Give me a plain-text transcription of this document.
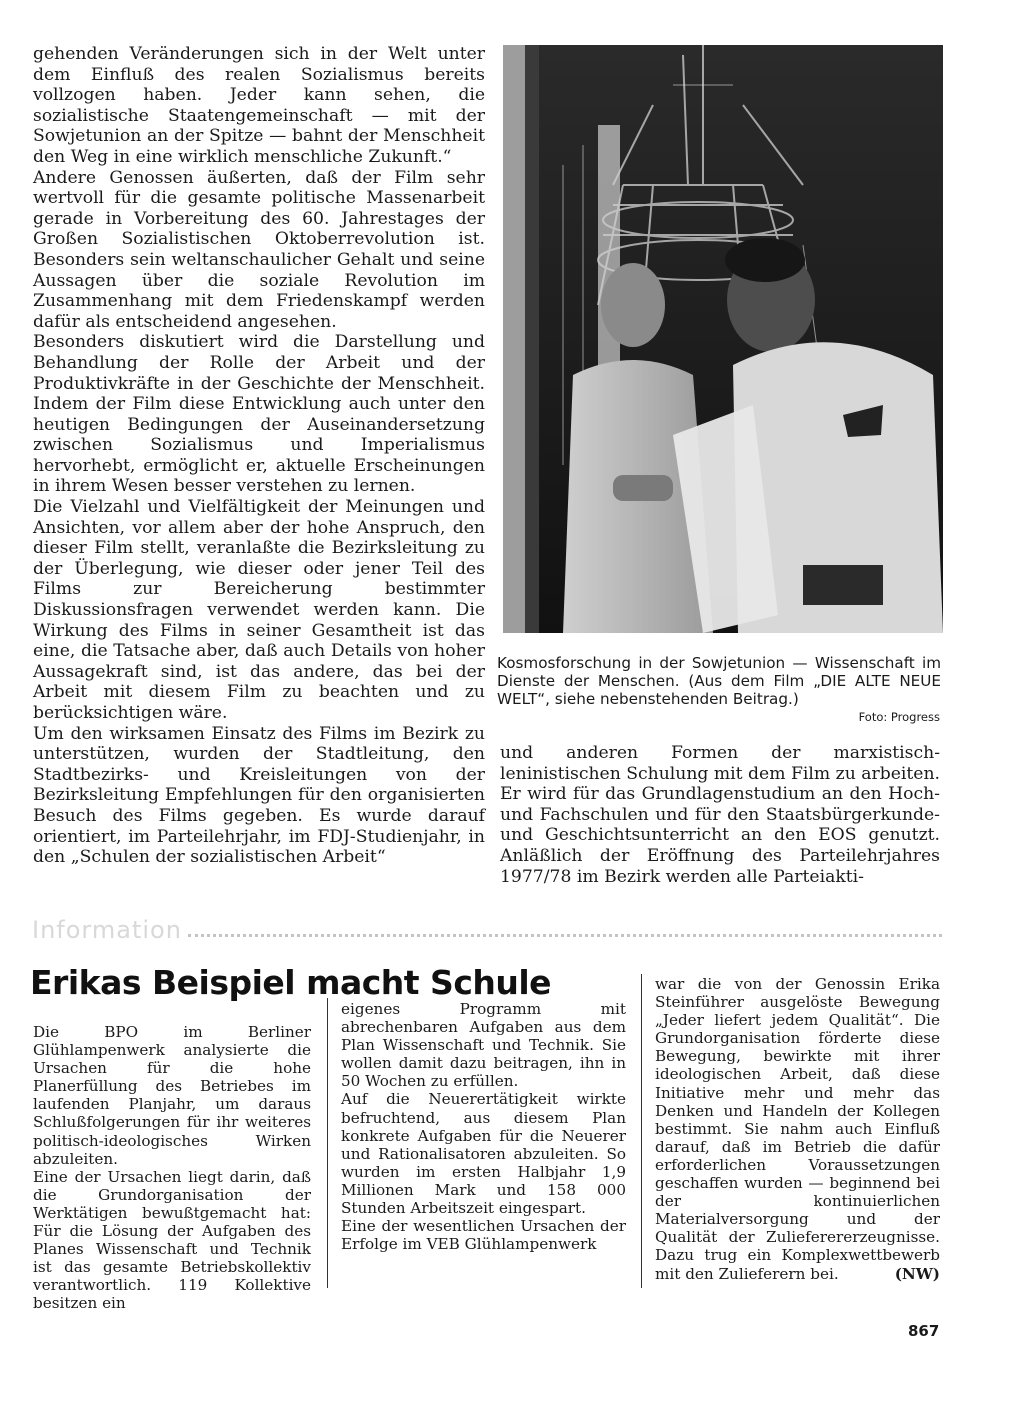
gehenden Veränderungen sich in der Welt unter dem Einfluß des realen Sozialismus bereits vollzogen haben. Jeder kann sehen, die sozialistische Staatengemeinschaft — mit der Sowjetunion an der Spitze — bahnt der Menschheit den Weg in eine wirklich menschliche Zukunft.“

Andere Genossen äußerten, daß der Film sehr wertvoll für die gesamte politische Massenarbeit gerade in Vorbereitung des 60. Jahrestages der Großen Sozialistischen Oktoberrevolution ist. Besonders sein weltanschaulicher Gehalt und seine Aussagen über die soziale Revolution im Zusammenhang mit dem Friedenskampf werden dafür als entscheidend angesehen.

Besonders diskutiert wird die Darstellung und Behandlung der Rolle der Arbeit und der Produktivkräfte in der Geschichte der Menschheit. Indem der Film diese Entwicklung auch unter den heutigen Bedingungen der Auseinandersetzung zwischen Sozialismus und Imperialismus hervorhebt, ermöglicht er, aktuelle Erscheinungen in ihrem Wesen besser verstehen zu lernen.

Die Vielzahl und Vielfältigkeit der Meinungen und Ansichten, vor allem aber der hohe Anspruch, den dieser Film stellt, veranlaßte die Bezirksleitung zu der Überlegung, wie dieser oder jener Teil des Films zur Bereicherung bestimmter Diskussionsfragen verwendet werden kann. Die Wirkung des Films in seiner Gesamtheit ist das eine, die Tatsache aber, daß auch Details von hoher Aussagekraft sind, ist das andere, das bei der Arbeit mit diesem Film zu beachten und zu berücksichtigen wäre.

Um den wirksamen Einsatz des Films im Bezirk zu unterstützen, wurden der Stadtleitung, den Stadtbezirks- und Kreisleitungen von der Bezirksleitung Empfehlungen für den organisierten Besuch des Films gegeben. Es wurde darauf orientiert, im Parteilehrjahr, im FDJ-Studienjahr, in den „Schulen der sozialistischen Arbeit“

Kosmosforschung in der Sowjetunion — Wissenschaft im Dienste der Menschen. (Aus dem Film „DIE ALTE NEUE WELT“, siehe nebenstehenden Beitrag.)
Foto: Progress

und anderen Formen der marxistisch-leninistischen Schulung mit dem Film zu arbeiten. Er wird für das Grundlagenstudium an den Hoch- und Fachschulen und für den Staatsbürgerkunde- und Geschichtsunterricht an den EOS genutzt. Anläßlich der Eröffnung des Parteilehrjahres 1977/78 im Bezirk werden alle Parteiakti-

Information
Erikas Beispiel macht Schule

Die BPO im Berliner Glühlampenwerk analysierte die Ursachen für die hohe Planerfüllung des Betriebes im laufenden Planjahr, um daraus Schlußfolgerungen für ihr weiteres politisch-ideologisches Wirken abzuleiten.

Eine der Ursachen liegt darin, daß die Grundorganisation der Werktätigen bewußtgemacht hat: Für die Lösung der Aufgaben des Planes Wissenschaft und Technik ist das gesamte Betriebskollektiv verantwortlich. 119 Kollektive besitzen ein

eigenes Programm mit abrechenbaren Aufgaben aus dem Plan Wissenschaft und Technik. Sie wollen damit dazu beitragen, ihn in 50 Wochen zu erfüllen.

Auf die Neuerertätigkeit wirkte befruchtend, aus diesem Plan konkrete Aufgaben für die Neuerer und Rationalisatoren abzuleiten. So wurden im ersten Halbjahr 1,9 Millionen Mark und 158 000 Stunden Arbeitszeit eingespart.

Eine der wesentlichen Ursachen der Erfolge im VEB Glühlampenwerk

war die von der Genossin Erika Steinführer ausgelöste Bewegung „Jeder liefert jedem Qualität“. Die Grundorganisation förderte diese Bewegung, bewirkte mit ihrer ideologischen Arbeit, daß diese Initiative mehr und mehr das Denken und Handeln der Kollegen bestimmt. Sie nahm auch Einfluß darauf, daß im Betrieb die dafür erforderlichen Voraussetzungen geschaffen wurden — beginnend bei der kontinuierlichen Materialversorgung und der Qualität der Zulieferererzeugnisse. Dazu trug ein Komplexwettbewerb mit den Zulieferern bei.	(NW)
867
